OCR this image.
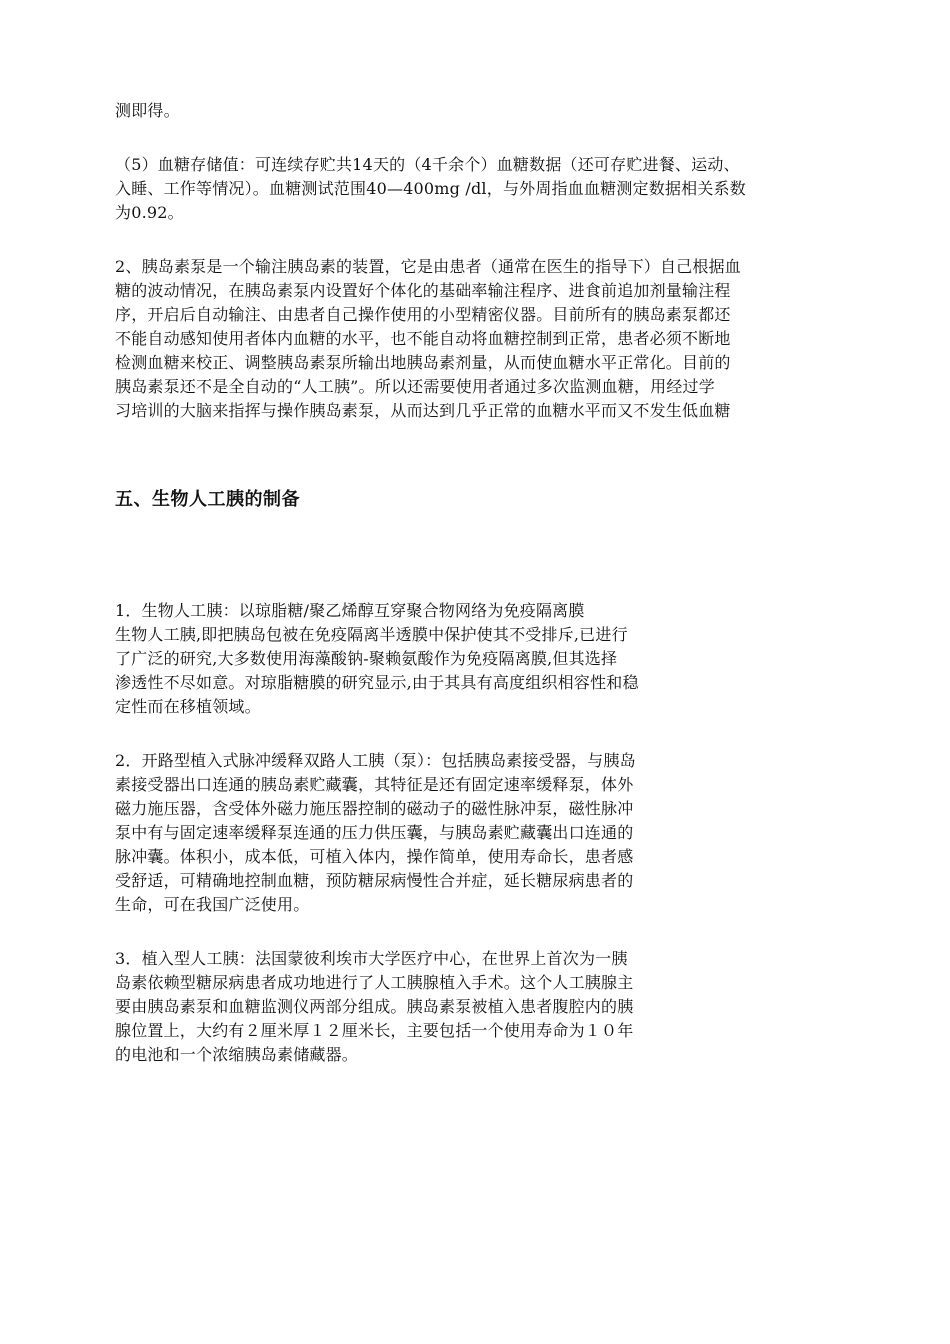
测即得。
（5）血糖存储值：可连续存贮共14天的（4千余个）血糖数据（还可存贮进餐、运动、
入睡、工作等情况）。血糖测试范围40—400mg /dl，与外周指血血糖测定数据相关系数
为0.92。
2、胰岛素泵是一个输注胰岛素的装置，它是由患者（通常在医生的指导下）自己根据血
糖的波动情况，在胰岛素泵内设置好个体化的基础率输注程序、进食前追加剂量输注程
序，开启后自动输注、由患者自己操作使用的小型精密仪器。目前所有的胰岛素泵都还
不能自动感知使用者体内血糖的水平，也不能自动将血糖控制到正常，患者必须不断地
检测血糖来校正、调整胰岛素泵所输出地胰岛素剂量，从而使血糖水平正常化。目前的
胰岛素泵还不是全自动的“人工胰”。所以还需要使用者通过多次监测血糖，用经过学
习培训的大脑来指挥与操作胰岛素泵，从而达到几乎正常的血糖水平而又不发生低血糖
五、生物人工胰的制备
1．生物人工胰：以琼脂糖/聚乙烯醇互穿聚合物网络为免疫隔离膜
生物人工胰,即把胰岛包被在免疫隔离半透膜中保护使其不受排斥,已进行
了广泛的研究,大多数使用海藻酸钠-聚赖氨酸作为免疫隔离膜,但其选择
渗透性不尽如意。对琼脂糖膜的研究显示,由于其具有高度组织相容性和稳
定性而在移植领域。
2．开路型植入式脉冲缓释双路人工胰（泵）：包括胰岛素接受器，与胰岛
素接受器出口连通的胰岛素贮藏囊，其特征是还有固定速率缓释泵，体外
磁力施压器，含受体外磁力施压器控制的磁动子的磁性脉冲泵，磁性脉冲
泵中有与固定速率缓释泵连通的压力供压囊，与胰岛素贮藏囊出口连通的
脉冲囊。体积小，成本低，可植入体内，操作简单，使用寿命长，患者感
受舒适，可精确地控制血糖，预防糖尿病慢性合并症，延长糖尿病患者的
生命，可在我国广泛使用。
3．植入型人工胰：法国蒙彼利埃市大学医疗中心，在世界上首次为一胰
岛素依赖型糖尿病患者成功地进行了人工胰腺植入手术。这个人工胰腺主
要由胰岛素泵和血糖监测仪两部分组成。胰岛素泵被植入患者腹腔内的胰
腺位置上，大约有２厘米厚１２厘米长，主要包括一个使用寿命为１０年
的电池和一个浓缩胰岛素储藏器。
